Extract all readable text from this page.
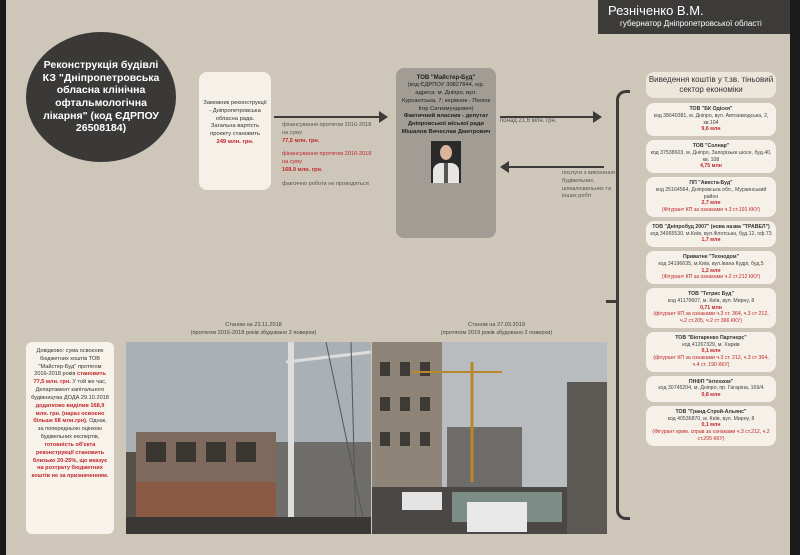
Резніченко В.М.
губернатор Дніпропетровської області
Реконструкція будівлі КЗ "Дніпропетровська обласна клінічна офтальмологічна лікарня" (код ЄДРПОУ 26508184)
Замовник реконструкції - Дніпропетровська обласна рада. Загальна вартість проекту становить
249 млн. грн.
фінансування протягом 2016-2018 на суму
77,5 млн. грн.
фінансування протягом 2016-2019 на суму
168.9 млн. грн.
фактично роботи не проводяться
ТОВ "Майстер-Буд"
(код ЄДРПОУ 30827844, юр. адреса: м. Дніпро, вул. Курсантська, 7; керівник - Пилюк Ігор Сигизмундович)
Фактичний власник - депутат Дніпровської міської ради Мішалов Вячеслав Дмитрович
понад 21,6 млн. грн.
послуги з виконання будівельних, шпаклювальних та інших робіт
Виведення коштів у т.зв. тіньовий сектор економіки
ТОВ "БК Одісея"
код 38640381, м. Дніпро, вул. Автозаводська, 2, кв.104
9,6 млн
ТОВ "Солнар"
код 37538603, м. Дніпро, Запорізьке шосе, буд.40, кв. 108
4,75 млн
ПП "Авеста-Буд"
код 25164564, Дніпровська обл., Мурзинський район
2,7 млн
(Фігурант КП за ознаками ч.3 ст.191 ККУ)
ТОВ "Дніпробуд 2007" (нова назва "ТРАВЕЛ")
код 34965530, м.Київ, вул.Флотська, буд.12, оф.73
1,7 млн
Приватне "Технодом"
код 34196635, м.Київ, вул.Івана Кудрі, буд.5
1,2 млн
(Фігурант КП за ознаками ч.2 ст.212 ККУ)
ТОВ "Тетрис Буд"
код 41170607, м. Київ, вул. Мирну, 8
0,71 млн
(фігурант КП за ознаками ч.3 ст. 364, ч.3 ст 212, ч.2 ст.205, ч.2 ст 366 ККУ)
ТОВ "Біотаренко Партнерс"
код 41267329, м. Харків
0,1 млн
(фігурант КП за ознаками ч.3 ст. 212, ч.3 ст 364, ч.4 ст. 190 ККУ)
ПНФП "Інтехком"
код 30745204, м. Дніпро, пр. Гагаріна, 169/4
0,8 млн
ТОВ "Гранд-Строй-Альянс"
код 40536870, м. Київ, вул. Мирну, 8
0,1 млн
(Фігурант крим. справ за ознаками ч.3 ст.212, ч.2 ст.205 ККУ)
Станом на 23.11.2018
(протягом 2016-2018 років збудовано 2 поверхи)
Станом на 27.03.2019
(протягом 2019 років збудовано 2 поверхи)
Довідково: сума освоєних бюджетних коштів ТОВ "Майстер-Буд" протягом 2016-2018 років становить 77,5 млн. грн. У той же час, Департамент капітального будівництва ДОДА 29.10.2018 додатково виділив 168,9 млн. грн. (нараз освоєно більше 68 млн.грн). Однак, за попередньою оцінкою будівельних експертів, готовність об'єкта реконструкції становить близько 20-25%, що вказує на розтрату бюджетних коштів не за призначенням.
